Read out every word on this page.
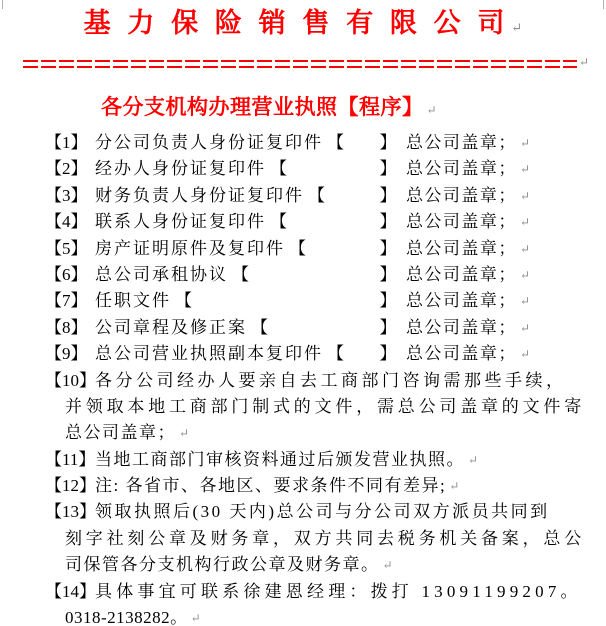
基 力 保 险 销 售 有 限 公 司 ↵
↵
各分支机构办理营业执照【程序】 ↵
【1】 分公司负责人身份证复印件 【 】 总公司盖章； ↵
【2】 经办人身份证复印件 【	】 总公司盖章； ↵
【3】 财务负责人身份证复印件 【	】 总公司盖章； ↵
【4】 联系人身份证复印件 【	】 总公司盖章； ↵
【5】 房产证明原件及复印件 【	】 总公司盖章； ↵
【6】 总公司承租协议 【	】 总公司盖章； ↵
【7】 任职文件 【	】 总公司盖章； ↵
【8】 公司章程及修正案 【	】 总公司盖章； ↵
【9】 总公司营业执照副本复印件 【 】 总公司盖章； ↵
【10】 各分公司经办人要亲自去工商部门咨询需那些手续，
并领取本地工商部门制式的文件，需总公司盖章的文件寄
总公司盖章； ↵
【11】 当地工商部门审核资料通过后颁发营业执照。 ↵
【12】 注: 各省市、各地区、要求条件不同有差异; ↵
【13】 领取执照后(30 天内)总公司与分公司双方派员共同到
刻字社刻公章及财务章，双方共同去税务机关备案，总公
司保管各分支机构行政公章及财务章。 ↵
【14】 具体事宜可联系徐建恩经理：拨打 13091199207。
0318-2138282。 ↵
